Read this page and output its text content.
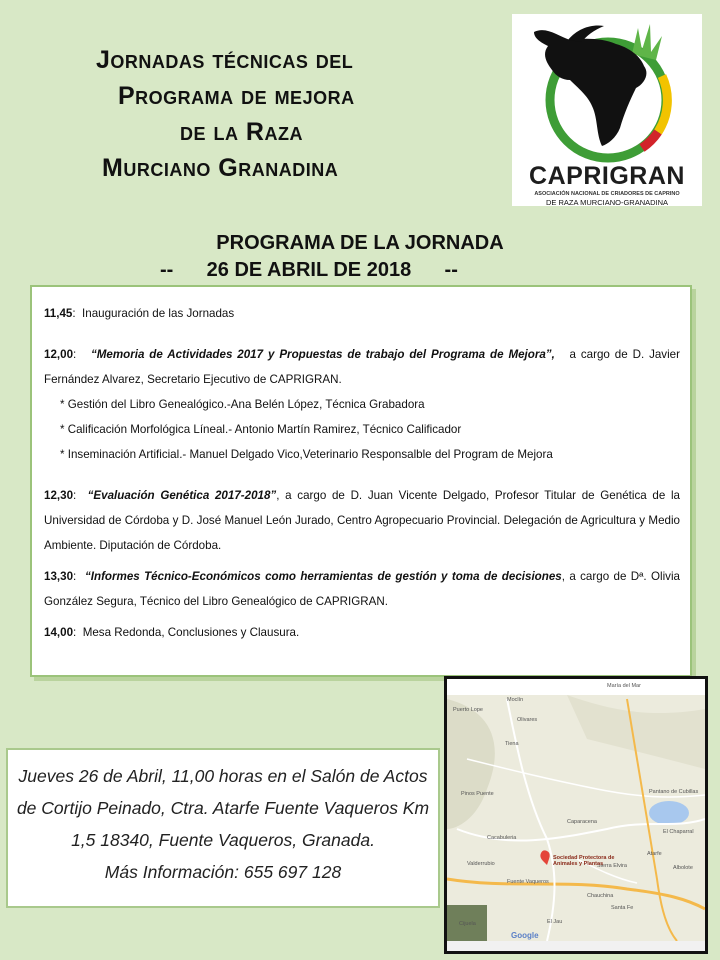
Jornadas técnicas del
Programa de mejora
de la Raza
Murciano Granadina	CAPRIGRAN
ASOCIACIÓN NACIONAL DE CRIADORES DE CAPRINO
DE RAZA MURCIANO-GRANADINA
PROGRAMA DE LA JORNADA
--      26 DE ABRIL DE 2018      --

11,45:  Inauguración de las Jornadas

12,00:   “Memoria de Actividades 2017 y Propuestas de trabajo del Programa de Mejora”, a cargo de D. Javier Fernández Alvarez, Secretario Ejecutivo de CAPRIGRAN.

* Gestión del Libro Genealógico.-Ana Belén López, Técnica Grabadora
* Calificación Morfológica Líneal.- Antonio Martín Ramirez, Técnico Calificador
* Inseminación Artificial.- Manuel Delgado Vico,Veterinario Responsalble del Program de Mejora

12,30:  “Evaluación Genética 2017-2018”, a cargo de D. Juan Vicente Delgado, Profesor Titular de Genética de la Universidad de Córdoba y D. José Manuel León Jurado, Centro Agropecuario Provincial. Delegación de Agricultura y Medio Ambiente. Diputación de Córdoba.

13,30:  “Informes Técnico-Económicos como herramientas de gestión y toma de decisiones, a cargo de Dª. Olivia González Segura, Técnico del Libro Genealógico de CAPRIGRAN.

14,00:  Mesa Redonda, Conclusiones y Clausura.

Jueves 26 de Abril, 11,00 horas en el Salón de Actos
de Cortijo Peinado, Ctra. Atarfe Fuente Vaqueros Km
1,5 18340, Fuente Vaqueros, Granada.
Más Información: 655 697 128
María del Mar
Moclín
Olivares
Puerto Lope
Tiena
Pinos Puente
Caparacena
Pantano de Cubillas
Cacabuleria
El Chaparral
Atarfe
Albolote
Valderrubio	Sierra Elvira
Fuente Vaqueros
Chauchina
Santa Fe
El Jau
Cijuela
Sociedad Protectora de Animales y Plantas
Google
